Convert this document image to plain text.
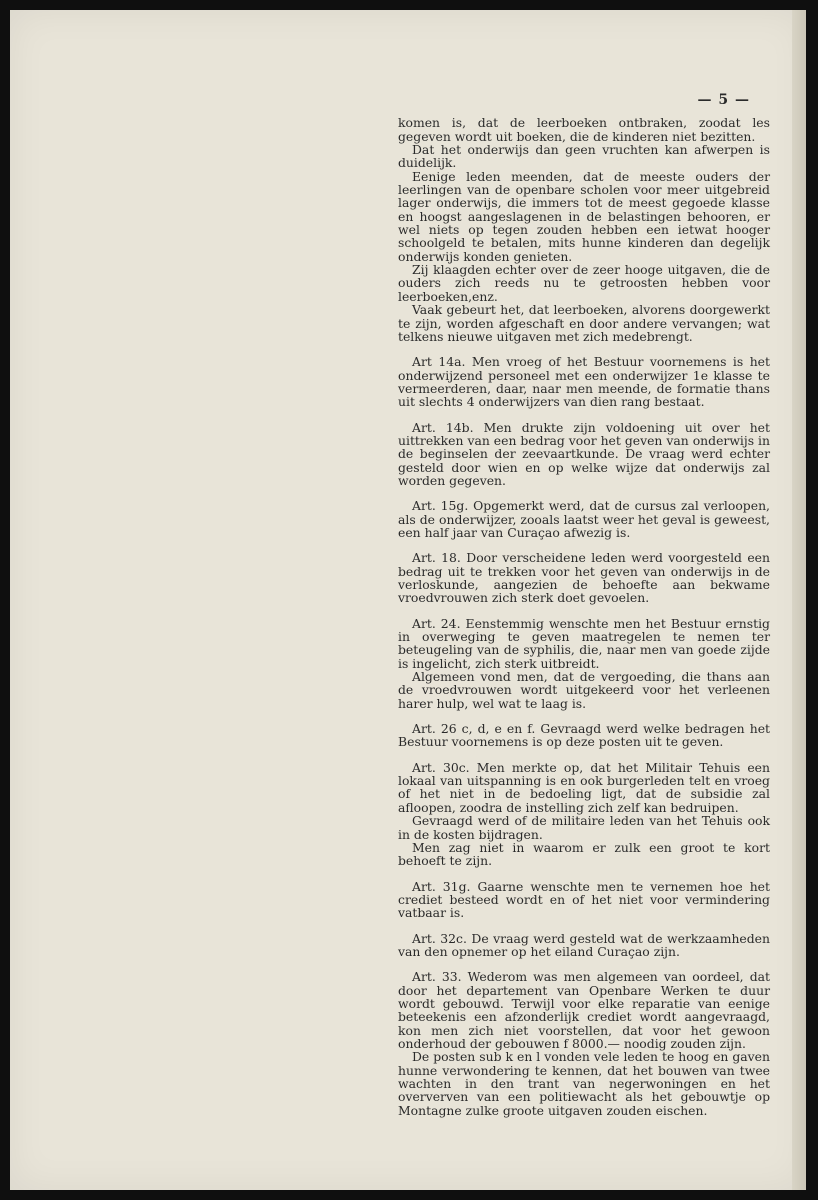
— 5 —

komen is, dat de leerboeken ontbraken, zoodat les gegeven wordt uit boeken, die de kinderen niet bezitten.

Dat het onderwijs dan geen vruchten kan afwerpen is duidelijk.

Eenige leden meenden, dat de meeste ouders der leerlingen van de openbare scholen voor meer uitgebreid lager onderwijs, die immers tot de meest gegoede klasse en hoogst aangeslagenen in de belastingen behooren, er wel niets op tegen zouden hebben een ietwat hooger schoolgeld te betalen, mits hunne kinderen dan degelijk onderwijs konden genieten.

Zij klaagden echter over de zeer hooge uitgaven, die de ouders zich reeds nu te getroosten hebben voor leerboeken,enz.

Vaak gebeurt het, dat leerboeken, alvorens doorgewerkt te zijn, worden afgeschaft en door andere vervangen; wat telkens nieuwe uitgaven met zich medebrengt.

Art 14a. Men vroeg of het Bestuur voornemens is het onderwijzend personeel met een onderwijzer 1e klasse te vermeerderen, daar, naar men meende, de formatie thans uit slechts 4 onderwijzers van dien rang bestaat.

Art. 14b. Men drukte zijn voldoening uit over het uittrekken van een bedrag voor het geven van onderwijs in de beginselen der zeevaartkunde. De vraag werd echter gesteld door wien en op welke wijze dat onderwijs zal worden gegeven.

Art. 15g. Opgemerkt werd, dat de cursus zal verloopen, als de onderwijzer, zooals laatst weer het geval is geweest, een half jaar van Curaçao afwezig is.

Art. 18. Door verscheidene leden werd voorgesteld een bedrag uit te trekken voor het geven van onderwijs in de verloskunde, aangezien de behoefte aan bekwame vroedvrouwen zich sterk doet gevoelen.

Art. 24. Eenstemmig wenschte men het Bestuur ernstig in overweging te geven maatregelen te nemen ter beteugeling van de syphilis, die, naar men van goede zijde is ingelicht, zich sterk uitbreidt.

Algemeen vond men, dat de vergoeding, die thans aan de vroedvrouwen wordt uitgekeerd voor het verleenen harer hulp, wel wat te laag is.

Art. 26 c, d, e en f. Gevraagd werd welke bedragen het Bestuur voornemens is op deze posten uit te geven.

Art. 30c. Men merkte op, dat het Militair Tehuis een lokaal van uitspanning is en ook burgerleden telt en vroeg of het niet in de bedoeling ligt, dat de subsidie zal afloopen, zoodra de instelling zich zelf kan bedruipen.

Gevraagd werd of de militaire leden van het Tehuis ook in de kosten bijdragen.

Men zag niet in waarom er zulk een groot te kort behoeft te zijn.

Art. 31g. Gaarne wenschte men te vernemen hoe het crediet besteed wordt en of het niet voor vermindering vatbaar is.

Art. 32c. De vraag werd gesteld wat de werkzaamheden van den opnemer op het eiland Curaçao zijn.

Art. 33. Wederom was men algemeen van oordeel, dat door het departement van Openbare Werken te duur wordt gebouwd. Terwijl voor elke reparatie van eenige beteekenis een afzonderlijk crediet wordt aangevraagd, kon men zich niet voorstellen, dat voor het gewoon onderhoud der gebouwen f 8000.— noodig zouden zijn.

De posten sub k en l vonden vele leden te hoog en gaven hunne verwondering te kennen, dat het bouwen van twee wachten in den trant van negerwoningen en het oververven van een politiewacht als het gebouwtje op Montagne zulke groote uitgaven zouden eischen.
